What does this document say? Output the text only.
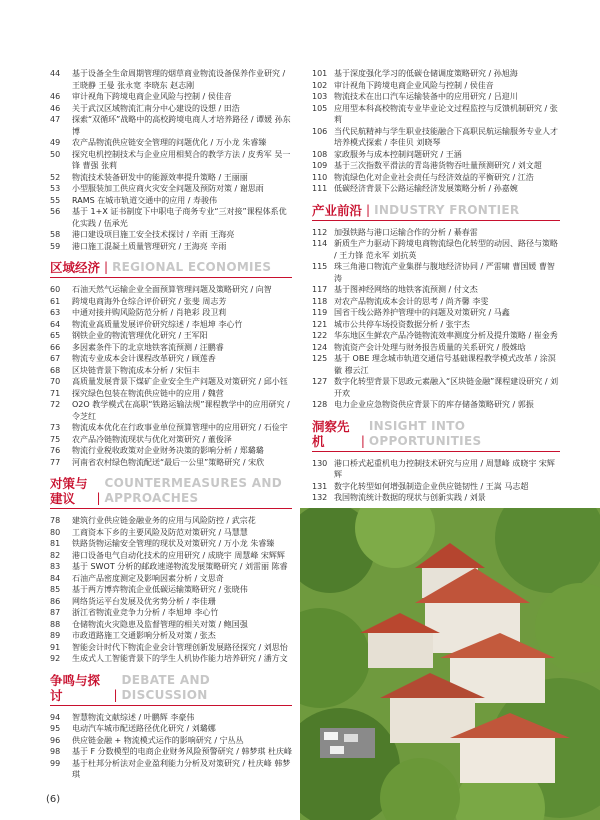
44	基于设备全生命周期管理的烟草商业物流设备保养作业研究 / 王晓静 王曼 张永宽 李晓东 赵志刚
46	审计视角下跨境电商企业风险与控制 / 侯佳音
46	关于武汉区域物流汇南分中心建设的设想 / 田浩
47	探索“双循环”战略中的高校跨境电商人才培养路径 / 谭媛 孙东博
49	农产品物流供应链安全管理的问题优化 / 万小龙 朱睿臻
50	探究电机控制技术与企业应用相契合的教学方法 / 皮秀军 吴一锋 曹强 张莉
52	物流技术装备研发中的能源效率提升策略 / 王丽丽
53	小型服装加工供应商火灾安全问题及预防对策 / 谢思雨
55	RAMS 在城市轨道交通中的应用 / 寿骏伟
56	基于 1+X 证书制度下中职电子商务专业“三对接”课程体系优化实践 / 伍承光
58	港口建设项目施工安全技术探讨 / 辛雨 王海亮
59	港口施工混凝土质量管理研究 / 王海亮 辛雨
区域经济 | REGIONAL ECONOMIES
60	石油天然气运输企业全面预算管理问题及策略研究 / 向智
61	跨境电商海外仓综合评价研究 / 张斐 周志芳
63	中通对接并购风险防范分析 / 肖艳彩 段卫莉
64	物流业高质量发展评价研究综述 / 李旭坤 李心竹
65	钢铁企业的物流管理优化研究 / 王军阳
66	多因素条件下的北京地铁客流预测 / 汪鹏睿
67	物流专业成本会计课程改革研究 / 顾莲香
68	区块链背景下物流成本分析 / 宋恒丰
70	高质量发展背景下煤矿企业安全生产问题及对策研究 / 邱小钰
71	探究绿色包装在物流供应链中的应用 / 魏营
72	O2O 教学模式在高职“铁路运输法规”课程教学中的应用研究 / 令芝红
73	物流成本优化在行政事业单位预算管理中的应用研究 / 石俭宇
75	农产品冷链物流现状与优化对策研究 / 董俊泽
76	物流行业税收政策对企业财务决策的影响分析 / 郑璐璐
77	河南省农村绿色物流配送“最后一公里”策略研究 / 宋欣
对策与建议	|
COUNTERMEASURES AND APPROACHES
78	建筑行业供应链金融业务的应用与风险防控 / 武宗花
80	工商资本下乡的主要风险及防范对策研究 / 马慧慧
81	铁路货物运输安全管理的现状及对策研究 / 万小龙 朱睿臻
82	港口设备电气自动化技术的应用研究 / 成晓宇 周慧峰 宋辉辉
83	基于 SWOT 分析的邮政速递物流发展策略研究 / 刘雷丽 陈睿
84	石油产品密度测定及影响因素分析 / 文思奇
85	基于两方博弈物流企业低碳运输策略研究 / 张晓伟
86	网络货运平台发展及优劣势分析 / 李佳珊
87	浙江省物流业竞争力分析 / 李旭坤 李心竹
88	仓储物流火灾隐患及监督管理的相关对策 / 鲍国强
89	市政道路施工交通影响分析及对策 / 张杰
91	智能会计时代下物流企业会计管理创新发展路径探究 / 刘思怡
92	生成式人工智能背景下的学生人机协作能力培养研究 / 潘方文
争鸣与探讨	|
DEBATE AND DISCUSSION
94	智慧物流文献综述 / 叶鹏辉 李豪伟
95	电动汽车城市配送路径优化研究 / 刘璐娜
96	供应链金融 + 物流模式运作的影响研究 / 宁丛丛
98	基于 F 分数模型的电商企业财务风险预警研究 / 韩梦琪 杜庆峰
99	基于杜邦分析法对企业盈利能力分析及对策研究 / 杜庆峰 韩梦琪
101 基于深度强化学习的低碳仓储调度策略研究 / 孙旭海
102 审计视角下跨境电商企业风险与控制 / 侯佳音
103 物流技术在出口汽车运输装备中的应用研究 / 吕迎川
105 应用型本科高校物流专业毕业论文过程监控与反馈机制研究 / 张莉
106 当代民航精神与学生职业技能融合下高职民航运输服务专业人才培养模式探索 / 李佳贝 刘晓琴
108 家政服务与成本控制问题研究 / 王涵
109 基于三次指数平滑法的青岛港货物吞吐量预测研究 / 刘文超
110 物流绿色化对企业社会责任与经济效益的平衡研究 / 江浩
111 低碳经济背景下公路运输经济发展策略分析 / 孙嘉婉
产业前沿 | INDUSTRY FRONTIER
112 加强铁路与港口运输合作的分析 / 綦春雷
114 新质生产力驱动下跨境电商物流绿色化转型的动因、路径与策略 / 王力锋 范永军 刘抗英
115 珠三角港口物流产业集群与腹地经济协同 / 严雷啸 曹国媛 曹智涛
117 基于图神经网络的地铁客流预测 / 付文杰
118 对农产品物流成本会计的思考 / 尚齐馨 李雯
119 国省干线公路养护管理中的问题及对策研究 / 马鑫
121 城市公共停车场投资数据分析 / 张宇杰
122 华东地区生鲜农产品冷链物流效率测度分析及提升策略 / 崔金秀
124 物流资产会计处理与财务报告质量的关系研究 / 殷姝晗
125 基于 OBE 理念城市轨道交通信号基础课程教学模式改革 / 涂溟徽 穆云江
127 数字化转型背景下思政元素融入“区块链金融”课程建设研究 / 刘开欢
128 电力企业应急物资供应背景下的库存储备策略研究 / 郭振
洞察先机	|
INSIGHT INTO OPPORTUNITIES
130 港口桥式起重机电力控制技术研究与应用 / 周慧峰 成晓宇 宋辉辉
131 数字化转型如何增强制造企业供应链韧性 / 王嵩 马志超
132 我国物流统计数据的现状与创新实践 / 刘景
(6)
